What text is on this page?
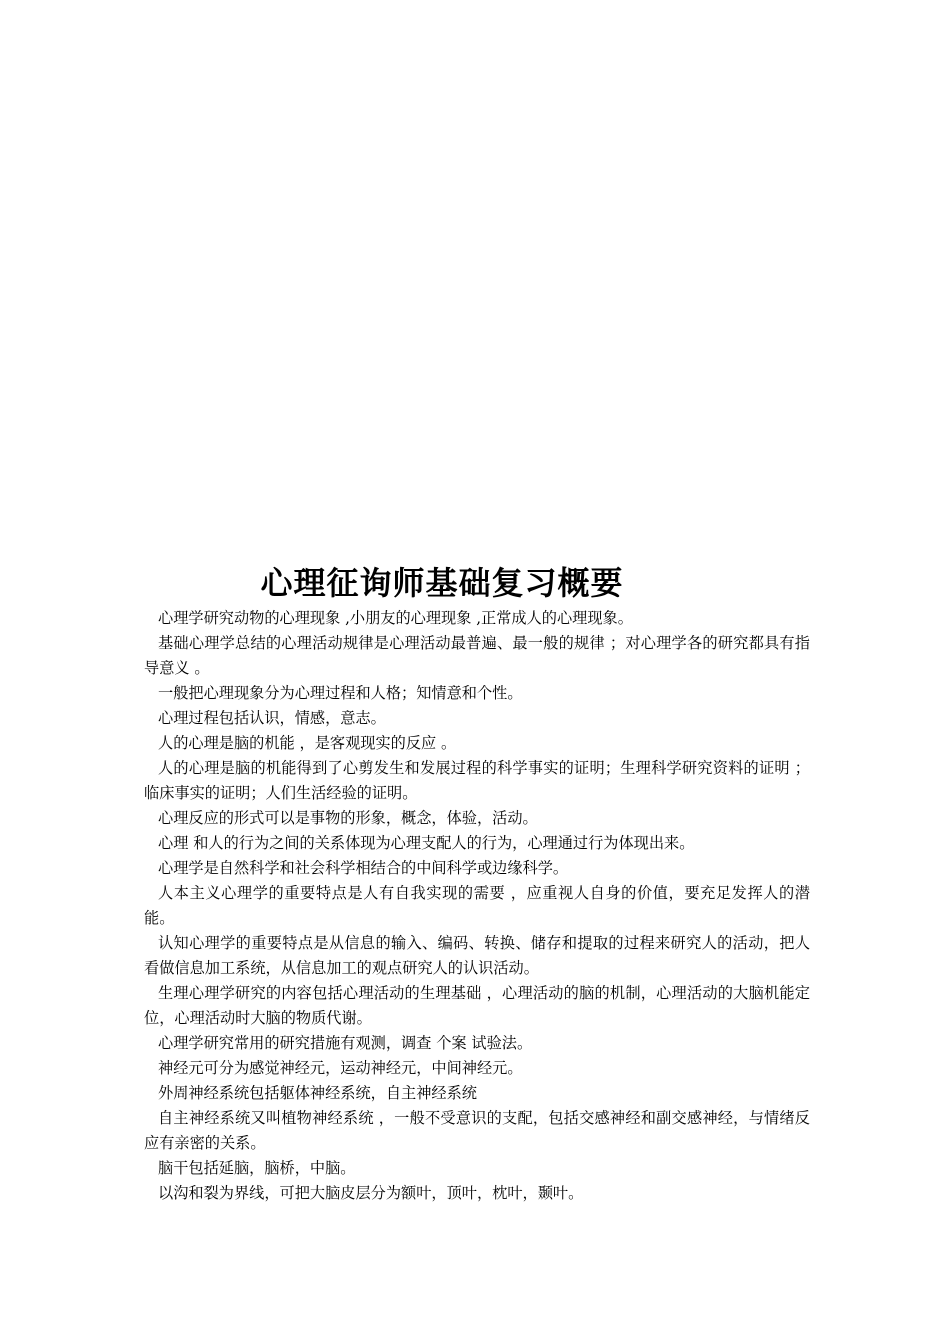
心理征询师基础复习概要

心理学研究动物的心理现象 ,小朋友的心理现象 ,正常成人的心理现象。

基础心理学总结的心理活动规律是心理活动最普遍、最一般的规律 ；对心理学各的研究都具有指导意义 。

一般把心理现象分为心理过程和人格；知情意和个性。

心理过程包括认识，情感，意志。

人的心理是脑的机能 ，是客观现实的反应 。

人的心理是脑的机能得到了心剪发生和发展过程的科学事实的证明；生理科学研究资料的证明 ；临床事实的证明；人们生活经验的证明。

心理反应的形式可以是事物的形象，概念，体验，活动。

心理 和人的行为之间的关系体现为心理支配人的行为，心理通过行为体现出来。

心理学是自然科学和社会科学相结合的中间科学或边缘科学。

人本主义心理学的重要特点是人有自我实现的需要 ，应重视人自身的价值，要充足发挥人的潜能。

认知心理学的重要特点是从信息的输入、编码、转换、储存和提取的过程来研究人的活动，把人看做信息加工系统，从信息加工的观点研究人的认识活动。

生理心理学研究的内容包括心理活动的生理基础 ，心理活动的脑的机制，心理活动的大脑机能定位，心理活动时大脑的物质代谢。

心理学研究常用的研究措施有观测，调查 个案 试验法。

神经元可分为感觉神经元，运动神经元，中间神经元。

外周神经系统包括躯体神经系统，自主神经系统

自主神经系统又叫植物神经系统 ，一般不受意识的支配，包括交感神经和副交感神经，与情绪反应有亲密的关系。

脑干包括延脑，脑桥，中脑。

以沟和裂为界线，可把大脑皮层分为额叶，顶叶，枕叶，颞叶。
